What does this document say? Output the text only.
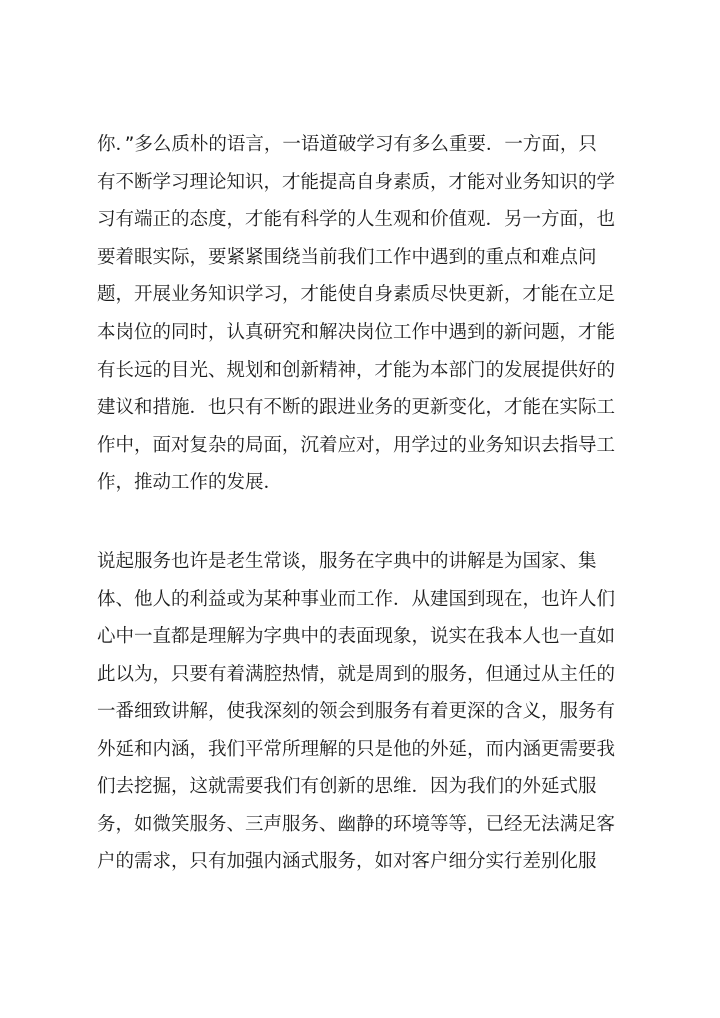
你．”多么质朴的语言，一语道破学习有多么重要．一方面，只
有不断学习理论知识，才能提高自身素质，才能对业务知识的学
习有端正的态度，才能有科学的人生观和价值观．另一方面，也
要着眼实际，要紧紧围绕当前我们工作中遇到的重点和难点问
题，开展业务知识学习，才能使自身素质尽快更新，才能在立足
本岗位的同时，认真研究和解决岗位工作中遇到的新问题，才能
有长远的目光、规划和创新精神，才能为本部门的发展提供好的
建议和措施．也只有不断的跟进业务的更新变化，才能在实际工
作中，面对复杂的局面，沉着应对，用学过的业务知识去指导工
作，推动工作的发展．
说起服务也许是老生常谈，服务在字典中的讲解是为国家、集
体、他人的利益或为某种事业而工作．从建国到现在，也许人们
心中一直都是理解为字典中的表面现象，说实在我本人也一直如
此以为，只要有着满腔热情，就是周到的服务，但通过从主任的
一番细致讲解，使我深刻的领会到服务有着更深的含义，服务有
外延和内涵，我们平常所理解的只是他的外延，而内涵更需要我
们去挖掘，这就需要我们有创新的思维．因为我们的外延式服
务，如微笑服务、三声服务、幽静的环境等等，已经无法满足客
户的需求，只有加强内涵式服务，如对客户细分实行差别化服
